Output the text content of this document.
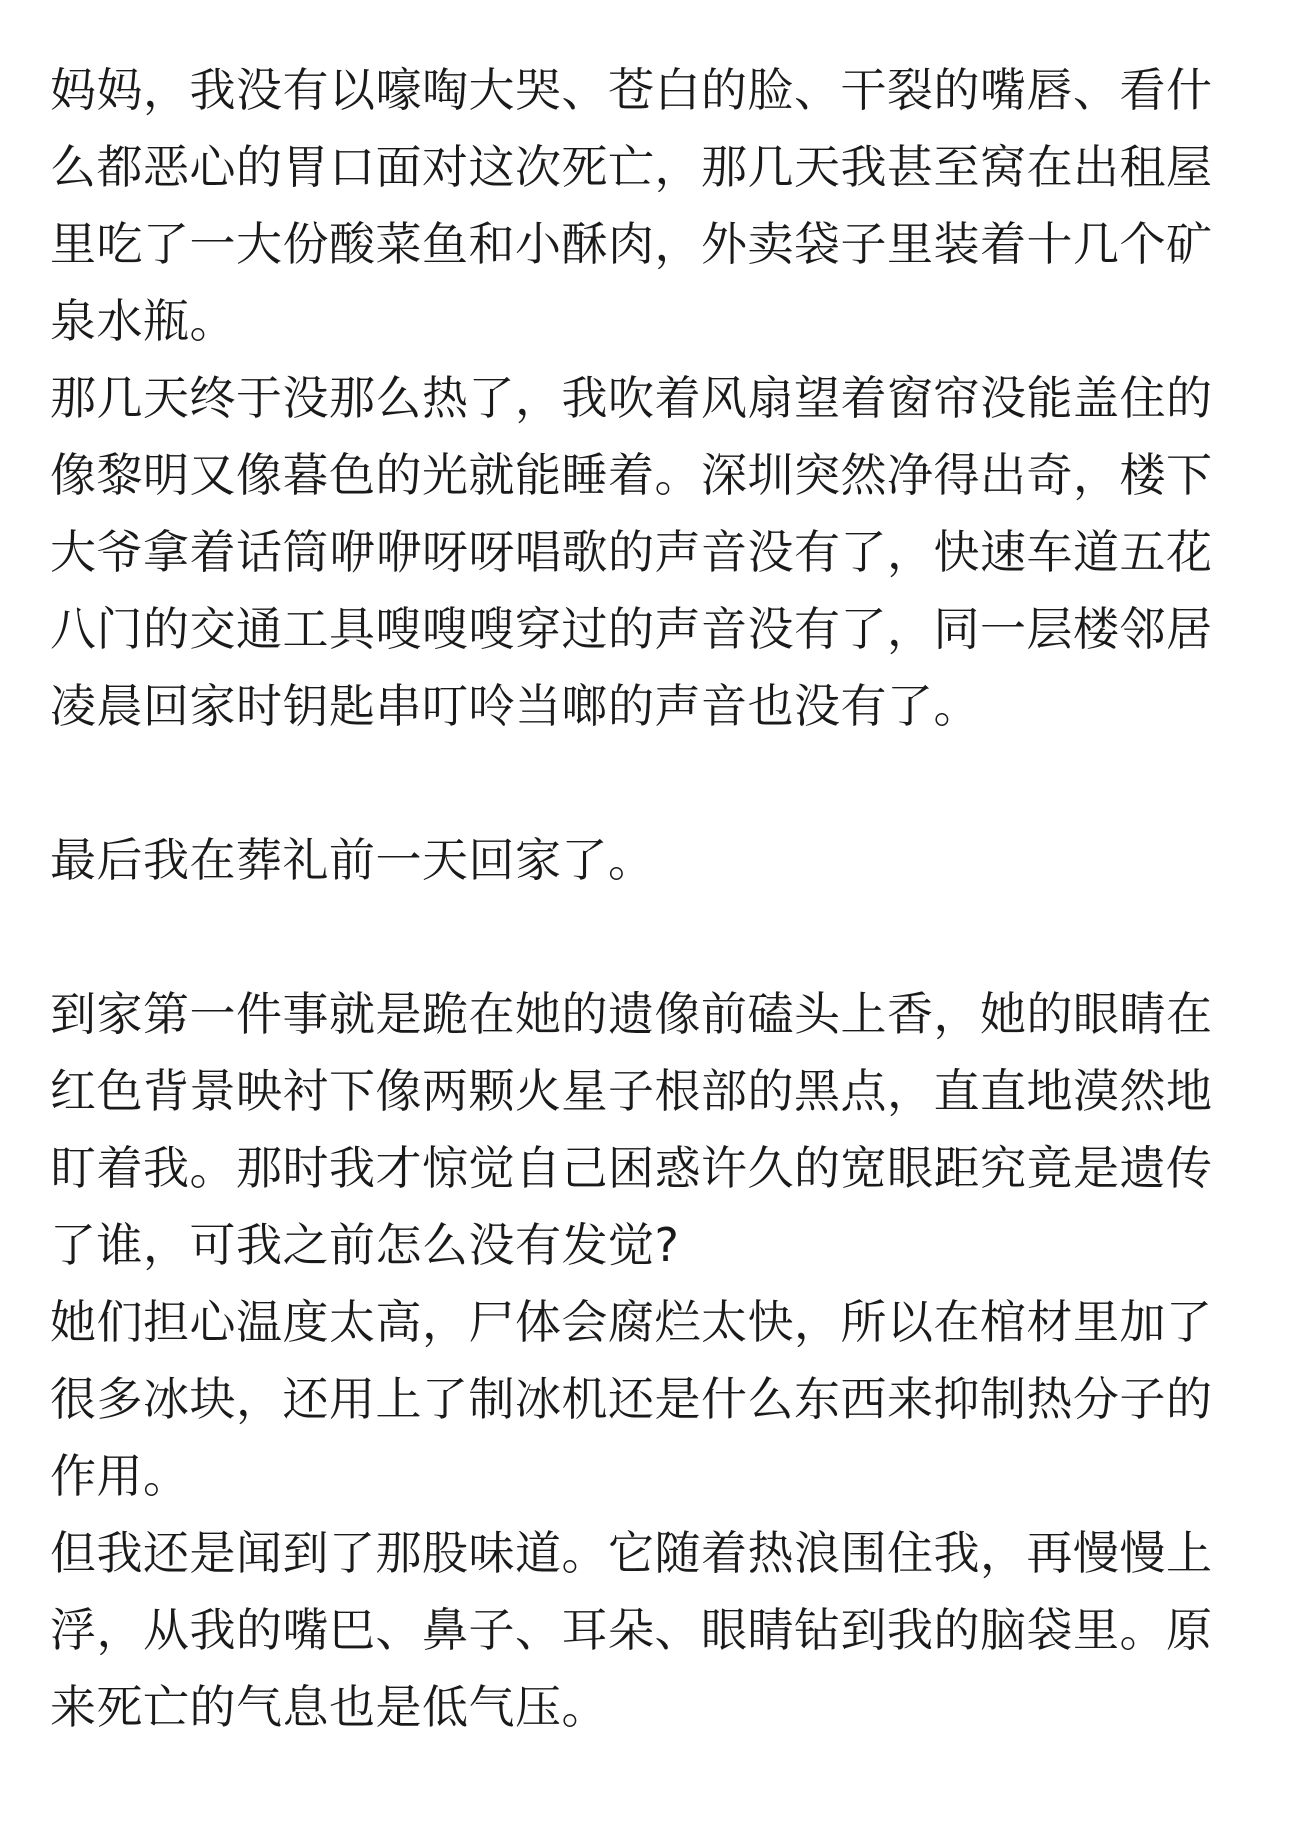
妈妈，我没有以嚎啕大哭、苍白的脸、干裂的嘴唇、看什么都恶心的胃口面对这次死亡，那几天我甚至窝在出租屋里吃了一大份酸菜鱼和小酥肉，外卖袋子里装着十几个矿泉水瓶。

那几天终于没那么热了，我吹着风扇望着窗帘没能盖住的像黎明又像暮色的光就能睡着。深圳突然净得出奇，楼下大爷拿着话筒咿咿呀呀唱歌的声音没有了，快速车道五花八门的交通工具嗖嗖嗖穿过的声音没有了，同一层楼邻居凌晨回家时钥匙串叮呤当啷的声音也没有了。

最后我在葬礼前一天回家了。

到家第一件事就是跪在她的遗像前磕头上香，她的眼睛在红色背景映衬下像两颗火星子根部的黑点，直直地漠然地盯着我。那时我才惊觉自己困惑许久的宽眼距究竟是遗传了谁，可我之前怎么没有发觉?

她们担心温度太高，尸体会腐烂太快，所以在棺材里加了很多冰块，还用上了制冰机还是什么东西来抑制热分子的作用。

但我还是闻到了那股味道。它随着热浪围住我，再慢慢上浮，从我的嘴巴、鼻子、耳朵、眼睛钻到我的脑袋里。原来死亡的气息也是低气压。
